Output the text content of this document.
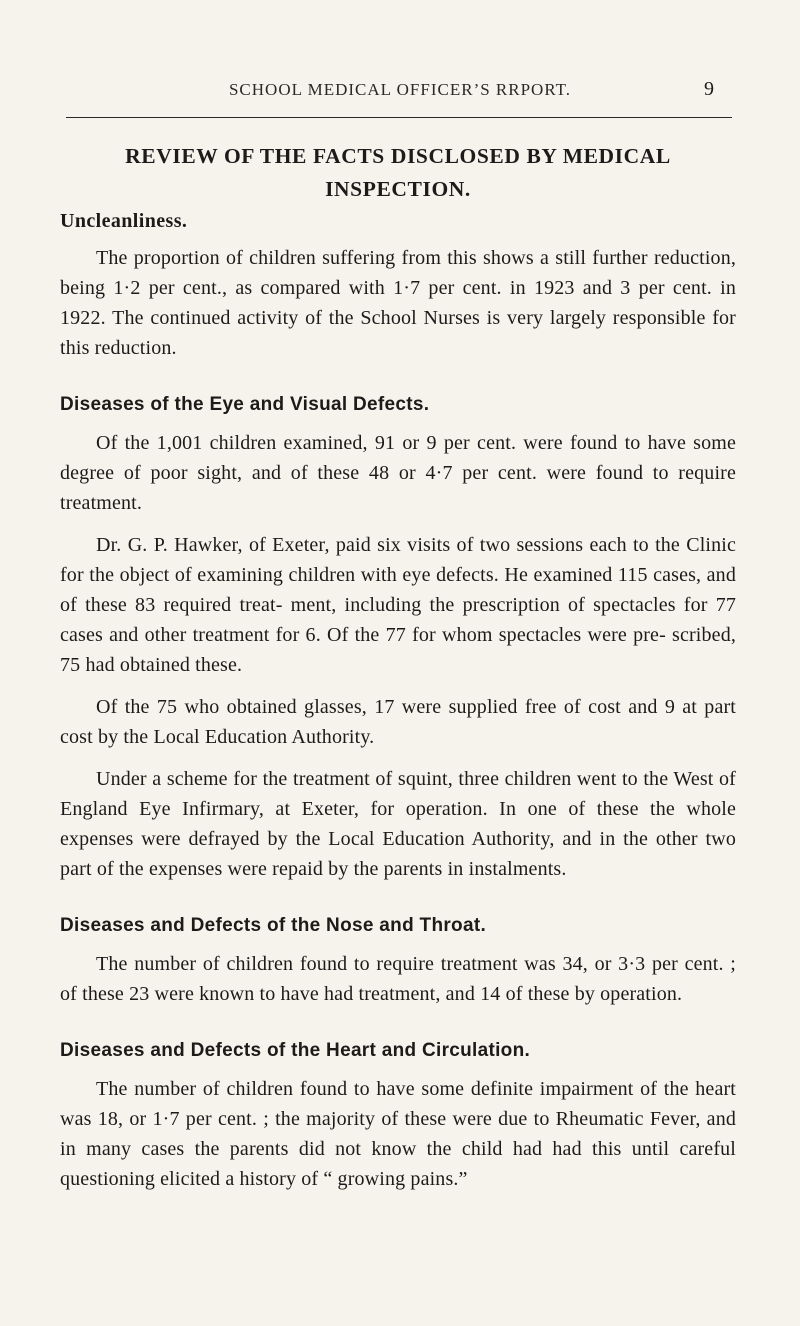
SCHOOL MEDICAL OFFICER’S RRPORT.	9
REVIEW OF THE FACTS DISCLOSED BY MEDICAL INSPECTION.
Uncleanliness.

The proportion of children suffering from this shows a still further reduction, being 1·2 per cent., as compared with 1·7 per cent. in 1923 and 3 per cent. in 1922. The continued activity of the School Nurses is very largely responsible for this reduction.

Diseases of the Eye and Visual Defects.

Of the 1,001 children examined, 91 or 9 per cent. were found to have some degree of poor sight, and of these 48 or 4·7 per cent. were found to require treatment.

Dr. G. P. Hawker, of Exeter, paid six visits of two sessions each to the Clinic for the object of examining children with eye defects. He examined 115 cases, and of these 83 required treat- ment, including the prescription of spectacles for 77 cases and other treatment for 6. Of the 77 for whom spectacles were pre- scribed, 75 had obtained these.

Of the 75 who obtained glasses, 17 were supplied free of cost and 9 at part cost by the Local Education Authority.

Under a scheme for the treatment of squint, three children went to the West of England Eye Infirmary, at Exeter, for operation. In one of these the whole expenses were defrayed by the Local Education Authority, and in the other two part of the expenses were repaid by the parents in instalments.

Diseases and Defects of the Nose and Throat.

The number of children found to require treatment was 34, or 3·3 per cent. ; of these 23 were known to have had treatment, and 14 of these by operation.

Diseases and Defects of the Heart and Circulation.

The number of children found to have some definite impairment of the heart was 18, or 1·7 per cent. ; the majority of these were due to Rheumatic Fever, and in many cases the parents did not know the child had had this until careful questioning elicited a history of “ growing pains.”
